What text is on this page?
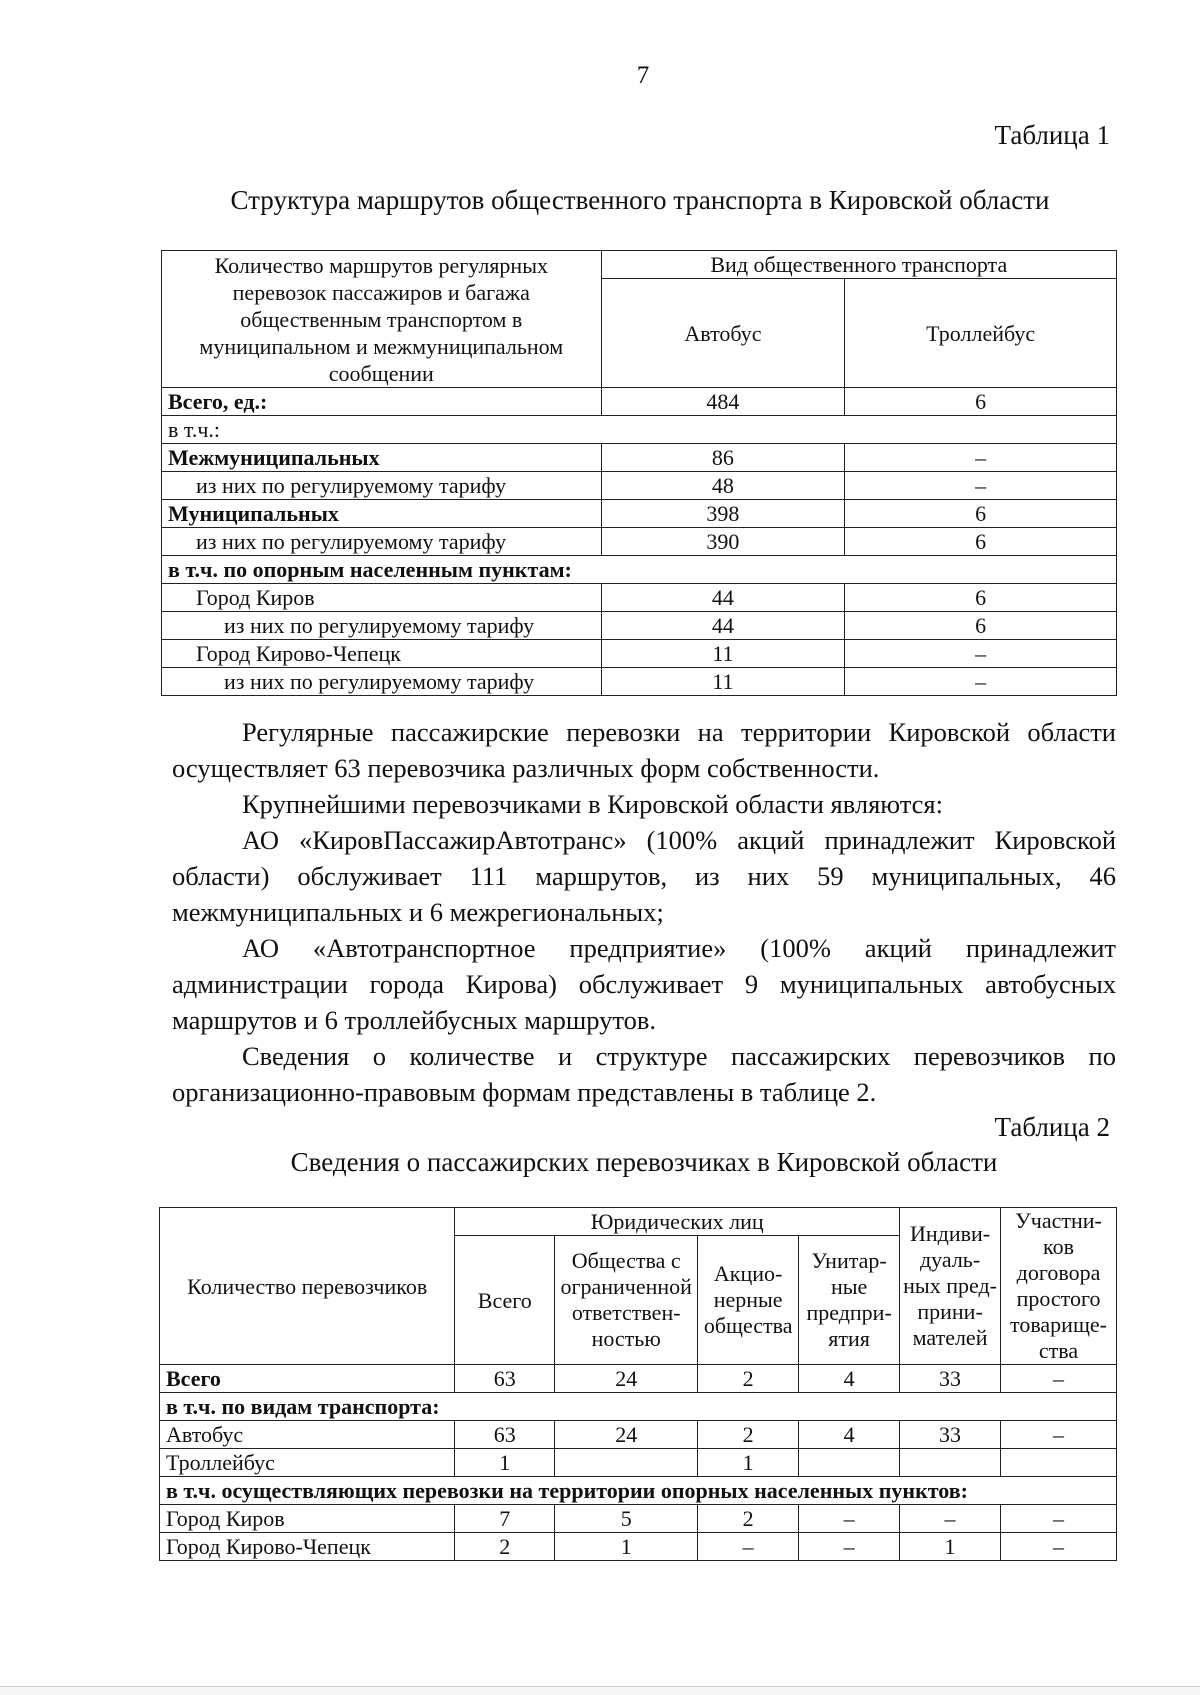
7
Таблица 1
Структура маршрутов общественного транспорта в Кировской области
Количество маршрутов регулярных перевозок пассажиров и багажа общественным транспортом в муниципальном и межмуниципальном сообщении	Вид общественного транспорта	
	Автобус	Троллейбус
Всего, ед.:	484	6
в т.ч.:		
Межмуниципальных	86	–
из них по регулируемому тарифу	48	–
Муниципальных	398	6
из них по регулируемому тарифу	390	6
в т.ч. по опорным населенным пунктам:		
Город Киров	44	6
из них по регулируемому тарифу	44	6
Город Кирово-Чепецк	11	–
из них по регулируемому тарифу	11	–

Регулярные пассажирские перевозки на территории Кировской области осуществляет 63 перевозчика различных форм собственности.

Крупнейшими перевозчиками в Кировской области являются:

АО «КировПассажирАвтотранс» (100% акций принадлежит Кировской области) обслуживает 111 маршрутов, из них 59 муниципальных, 46 межмуниципальных и 6 межрегиональных;

АО «Автотранспортное предприятие» (100% акций принадлежит администрации города Кирова) обслуживает 9 муниципальных автобусных маршрутов и 6 троллейбусных маршрутов.

Сведения о количестве и структуре пассажирских перевозчиков по организационно-правовым формам представлены в таблице 2.

Таблица 2
Сведения о пассажирских перевозчиках в Кировской области
Количество перевозчиков	Юридических лиц				Индиви-дуаль-ных пред-прини-мателей	Участни-ков договора простого товарище-ства
	Всего	Общества с ограниченной ответствен-ностью	Акцио-нерные общества	Унитар-ные предпри-ятия		
Всего	63	24	2	4	33	–
в т.ч. по видам транспорта:						
Автобус	63	24	2	4	33	–
Троллейбус	1		1			
в т.ч. осуществляющих перевозки на территории опорных населенных пунктов:						
Город Киров	7	5	2	–	–	–
Город Кирово-Чепецк	2	1	–	–	1	–
